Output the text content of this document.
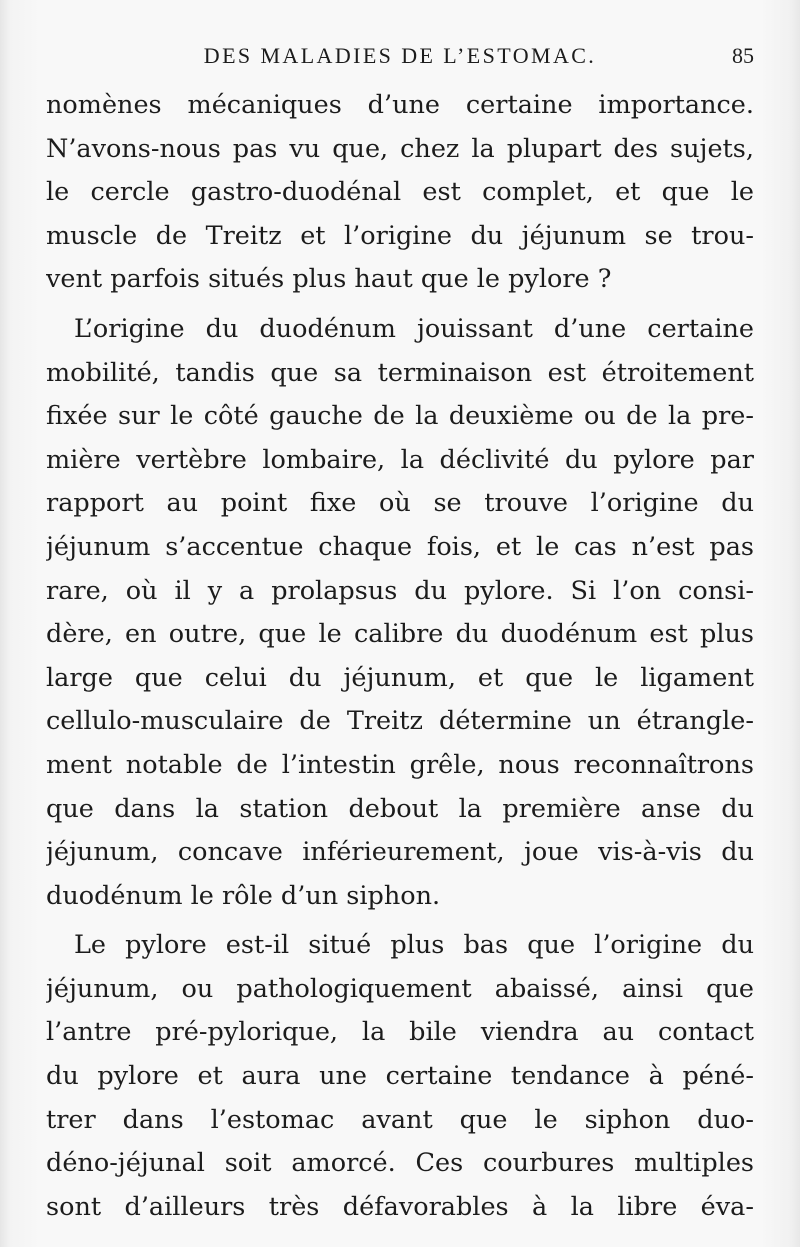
DES MALADIES DE L’ESTOMAC.	85
nomènes mécaniques d’une certaine importance.
N’avons-nous pas vu que, chez la plupart des sujets,
le cercle gastro-duodénal est complet, et que le
muscle de Treitz et l’origine du jéjunum se trou-
vent parfois situés plus haut que le pylore ?
L’origine du duodénum jouissant d’une certaine
mobilité, tandis que sa terminaison est étroitement
fixée sur le côté gauche de la deuxième ou de la pre-
mière vertèbre lombaire, la déclivité du pylore par
rapport au point fixe où se trouve l’origine du
jéjunum s’accentue chaque fois, et le cas n’est pas
rare, où il y a prolapsus du pylore. Si l’on consi-
dère, en outre, que le calibre du duodénum est plus
large que celui du jéjunum, et que le ligament
cellulo-musculaire de Treitz détermine un étrangle-
ment notable de l’intestin grêle, nous reconnaîtrons
que dans la station debout la première anse du
jéjunum, concave inférieurement, joue vis-à-vis du
duodénum le rôle d’un siphon.
Le pylore est-il situé plus bas que l’origine du
jéjunum, ou pathologiquement abaissé, ainsi que
l’antre pré-pylorique, la bile viendra au contact
du pylore et aura une certaine tendance à péné-
trer dans l’estomac avant que le siphon duo-
déno-jéjunal soit amorcé. Ces courbures multiples
sont d’ailleurs très défavorables à la libre éva-
